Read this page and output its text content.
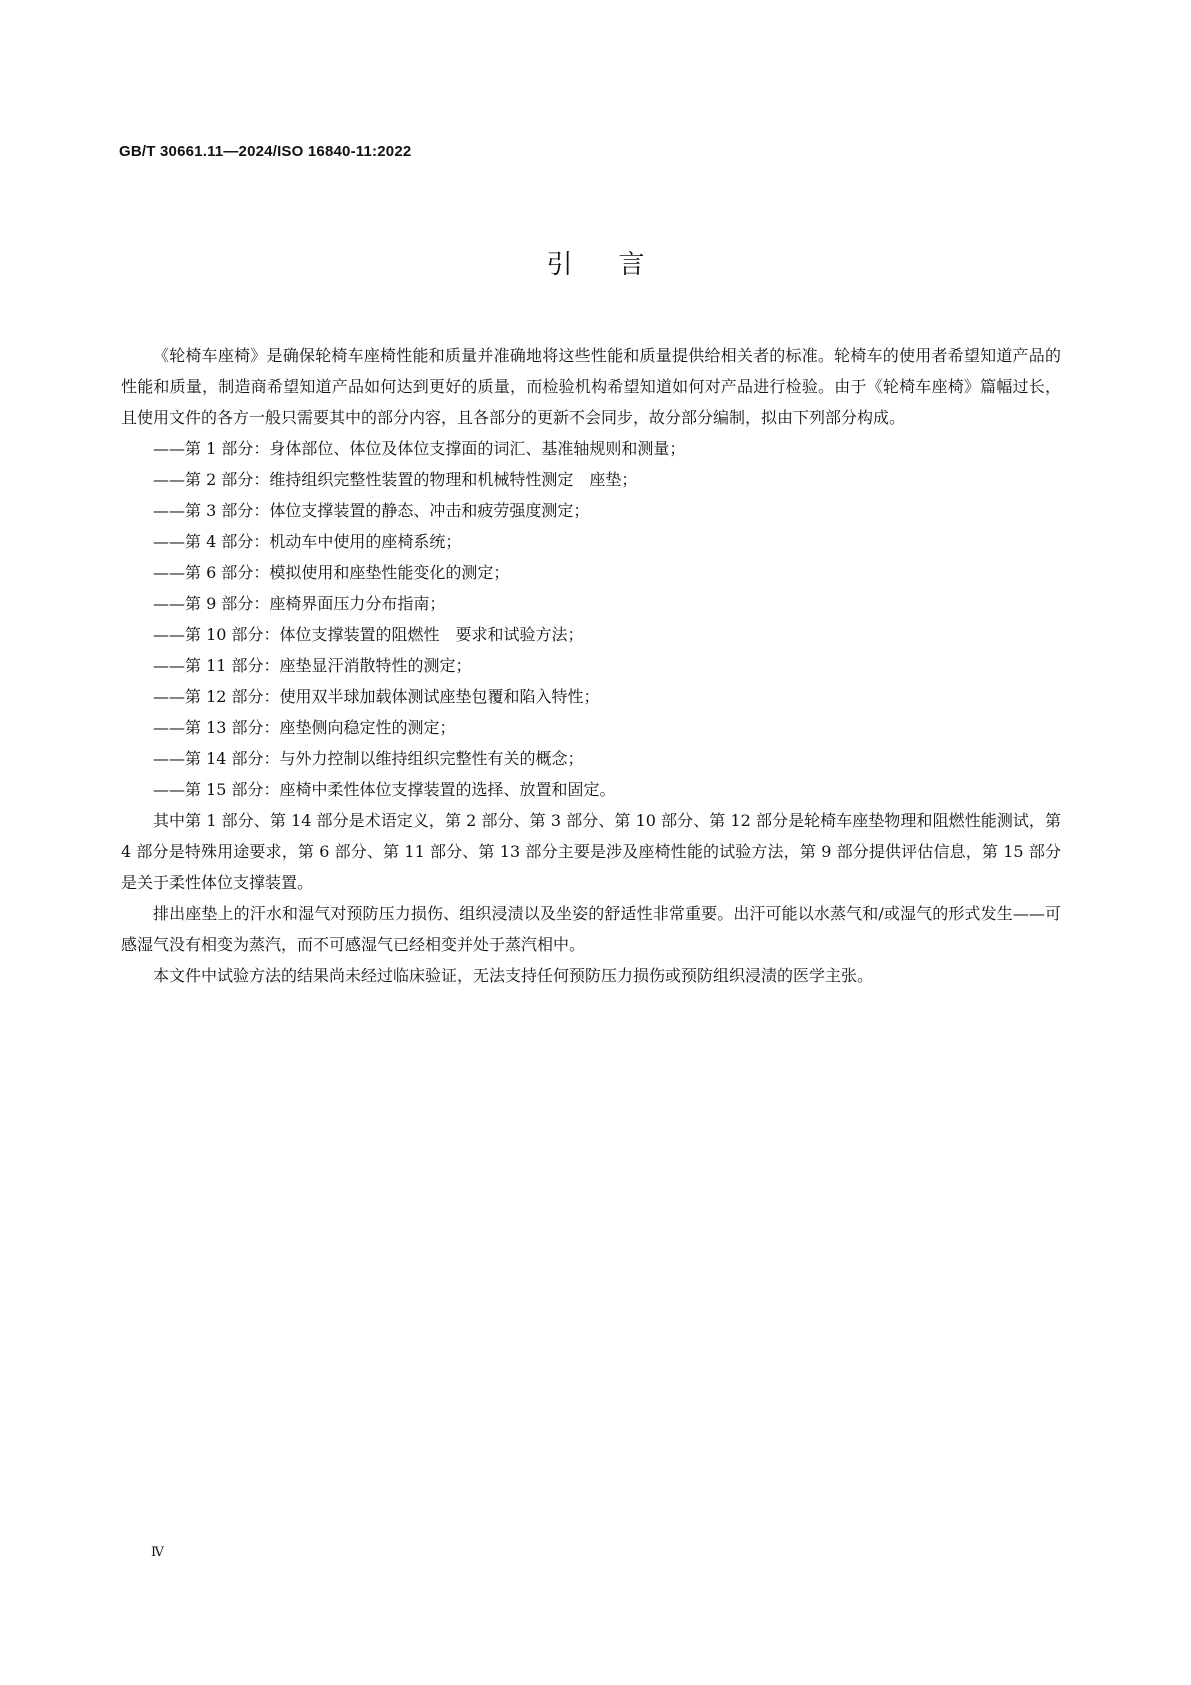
GB/T 30661.11—2024/ISO 16840-11:2022
引言

《轮椅车座椅》是确保轮椅车座椅性能和质量并准确地将这些性能和质量提供给相关者的标准。轮椅车的使用者希望知道产品的性能和质量，制造商希望知道产品如何达到更好的质量，而检验机构希望知道如何对产品进行检验。由于《轮椅车座椅》篇幅过长，且使用文件的各方一般只需要其中的部分内容，且各部分的更新不会同步，故分部分编制，拟由下列部分构成。

——第 1 部分：身体部位、体位及体位支撑面的词汇、基准轴规则和测量；
——第 2 部分：维持组织完整性装置的物理和机械特性测定　座垫；
——第 3 部分：体位支撑装置的静态、冲击和疲劳强度测定；
——第 4 部分：机动车中使用的座椅系统；
——第 6 部分：模拟使用和座垫性能变化的测定；
——第 9 部分：座椅界面压力分布指南；
——第 10 部分：体位支撑装置的阻燃性　要求和试验方法；
——第 11 部分：座垫显汗消散特性的测定；
——第 12 部分：使用双半球加载体测试座垫包覆和陷入特性；
——第 13 部分：座垫侧向稳定性的测定；
——第 14 部分：与外力控制以维持组织完整性有关的概念；
——第 15 部分：座椅中柔性体位支撑装置的选择、放置和固定。

其中第 1 部分、第 14 部分是术语定义，第 2 部分、第 3 部分、第 10 部分、第 12 部分是轮椅车座垫物理和阻燃性能测试，第 4 部分是特殊用途要求，第 6 部分、第 11 部分、第 13 部分主要是涉及座椅性能的试验方法，第 9 部分提供评估信息，第 15 部分是关于柔性体位支撑装置。

排出座垫上的汗水和湿气对预防压力损伤、组织浸渍以及坐姿的舒适性非常重要。出汗可能以水蒸气和/或湿气的形式发生——可感湿气没有相变为蒸汽，而不可感湿气已经相变并处于蒸汽相中。

本文件中试验方法的结果尚未经过临床验证，无法支持任何预防压力损伤或预防组织浸渍的医学主张。

Ⅳ
